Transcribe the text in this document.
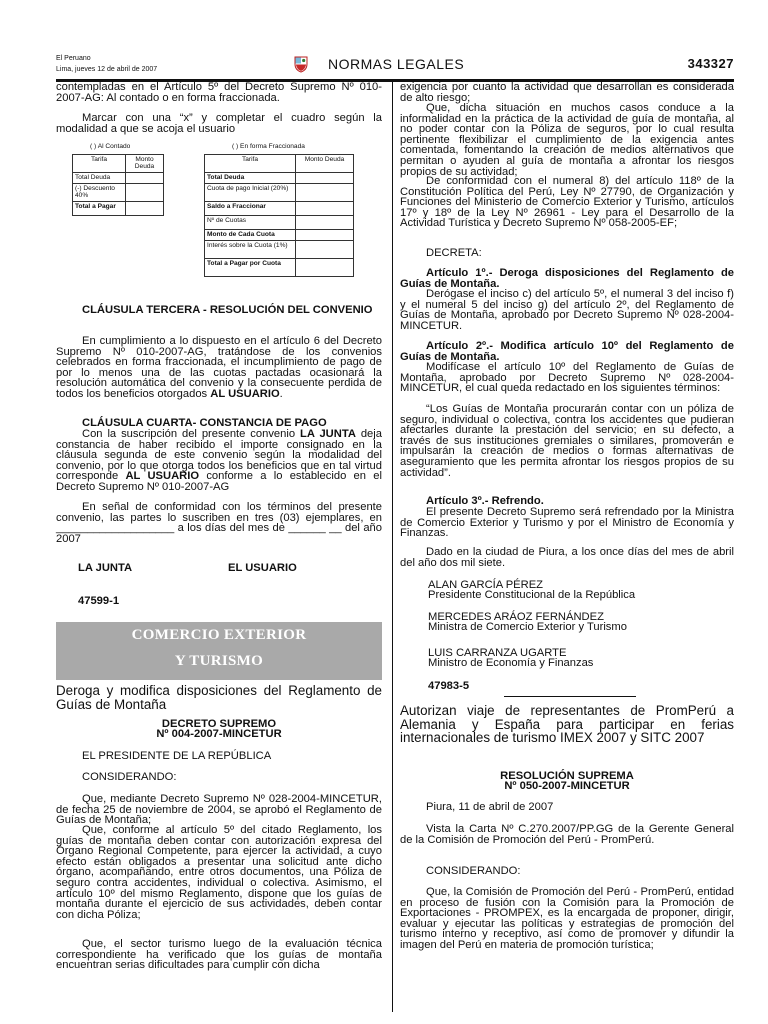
El Peruano
Lima, jueves 12 de abril de 2007	NORMAS LEGALES	343327

contempladas en el Artículo 5º del Decreto Supremo Nº 010-2007-AG: Al contado o en forma fraccionada.

Marcar con una “x” y completar el cuadro según la modalidad a que se acoja el usuario

( ) Al Contado	( ) En forma Fraccionada
Tarifa	Monto Deuda
Total Deuda	
(-) Descuento 40%	
Total a Pagar	
Tarifa	Monto Deuda
Total Deuda	
Cuota de pago Inicial (20%)	
Saldo a Fraccionar	
Nº de Cuotas	
Monto de Cada Cuota	
Interés sobre la Cuota (1%)	
Total a Pagar por Cuota	

CLÁUSULA TERCERA - RESOLUCIÓN DEL CONVENIO

En cumplimiento a lo dispuesto en el artículo 6 del Decreto Supremo Nº 010-2007-AG, tratándose de los convenios celebrados en forma fraccionada, el incumplimiento de pago de por lo menos una de las cuotas pactadas ocasionará la resolución automática del convenio y la consecuente perdida de todos los beneficios otorgados AL USUARIO.

CLÁUSULA CUARTA- CONSTANCIA DE PAGO

Con la suscripción del presente convenio LA JUNTA deja constancia de haber recibido el importe consignado en la cláusula segunda de este convenio según la modalidad del convenio, por lo que otorga todos los beneficios que en tal virtud corresponde AL USUARIO conforme a lo establecido en el Decreto Supremo Nº 010-2007-AG

En señal de conformidad con los términos del presente convenio, las partes lo suscriben en tres (03) ejemplares, en ___________________ a los días del mes de ______ __ del año 2007

LA JUNTA	EL USUARIO
47599-1
COMERCIO EXTERIOR
Y TURISMO

Deroga y modifica disposiciones del Reglamento de Guías de Montaña

DECRETO SUPREMO
Nº 004-2007-MINCETUR

EL PRESIDENTE DE LA REPÚBLICA

CONSIDERANDO:

Que, mediante Decreto Supremo Nº 028-2004-MINCETUR, de fecha 25 de noviembre de 2004, se aprobó el Reglamento de Guías de Montaña;

Que, conforme al artículo 5º del citado Reglamento, los guías de montaña deben contar con autorización expresa del Órgano Regional Competente, para ejercer la actividad, a cuyo efecto están obligados a presentar una solicitud ante dicho órgano, acompañando, entre otros documentos, una Póliza de seguro contra accidentes, individual o colectiva. Asimismo, el artículo 10º del mismo Reglamento, dispone que los guías de montaña durante el ejercicio de sus actividades, deben contar con dicha Póliza;

Que, el sector turismo luego de la evaluación técnica correspondiente ha verificado que los guías de montaña encuentran serias dificultades para cumplir con dicha

exigencia por cuanto la actividad que desarrollan es considerada de alto riesgo;

Que, dicha situación en muchos casos conduce a la informalidad en la práctica de la actividad de guía de montaña, al no poder contar con la Póliza de seguros, por lo cual resulta pertinente flexibilizar el cumplimiento de la exigencia antes comentada, fomentando la creación de medios alternativos que permitan o ayuden al guía de montaña a afrontar los riesgos propios de su actividad;

De conformidad con el numeral 8) del artículo 118º de la Constitución Política del Perú, Ley Nº 27790, de Organización y Funciones del Ministerio de Comercio Exterior y Turismo, artículos 17º y 18º de la Ley Nº 26961 - Ley para el Desarrollo de la Actividad Turística y Decreto Supremo Nº 058-2005-EF;

DECRETA:

Artículo 1º.- Deroga disposiciones del Reglamento de Guías de Montaña.

Derógase el inciso c) del artículo 5º, el numeral 3 del inciso f) y el numeral 5 del inciso g) del artículo 2º, del Reglamento de Guías de Montaña, aprobado por Decreto Supremo Nº 028-2004-MINCETUR.

Artículo 2º.- Modifica artículo 10º del Reglamento de Guías de Montaña.

Modifícase el artículo 10º del Reglamento de Guías de Montaña, aprobado por Decreto Supremo Nº 028-2004-MINCETUR, el cual queda redactado en los siguientes términos:

“Los Guías de Montaña procurarán contar con un póliza de seguro, individual o colectiva, contra los accidentes que pudieran afectarles durante la prestación del servicio; en su defecto, a través de sus instituciones gremiales o similares, promoverán e impulsarán la creación de medios o formas alternativas de aseguramiento que les permita afrontar los riesgos propios de su actividad”.

Artículo 3º.- Refrendo.

El presente Decreto Supremo será refrendado por la Ministra de Comercio Exterior y Turismo y por el Ministro de Economía y Finanzas.

Dado en la ciudad de Piura, a los once días del mes de abril del año dos mil siete.

ALAN GARCÍA PÉREZ
Presidente Constitucional de la República
MERCEDES ARÁOZ FERNÁNDEZ
Ministra de Comercio Exterior y Turismo
LUIS CARRANZA UGARTE
Ministro de Economía y Finanzas
47983-5

Autorizan viaje de representantes de PromPerú a Alemania y España para participar en ferias internacionales de turismo IMEX 2007 y SITC 2007

RESOLUCIÓN SUPREMA
Nº 050-2007-MINCETUR

Piura, 11 de abril de 2007

Vista la Carta Nº C.270.2007/PP.GG de la Gerente General de la Comisión de Promoción del Perú - PromPerú.

CONSIDERANDO:

Que, la Comisión de Promoción del Perú - PromPerú, entidad en proceso de fusión con la Comisión para la Promoción de Exportaciones - PROMPEX, es la encargada de proponer, dirigir, evaluar y ejecutar las políticas y estrategias de promoción del turismo interno y receptivo, así como de promover y difundir la imagen del Perú en materia de promoción turística;
